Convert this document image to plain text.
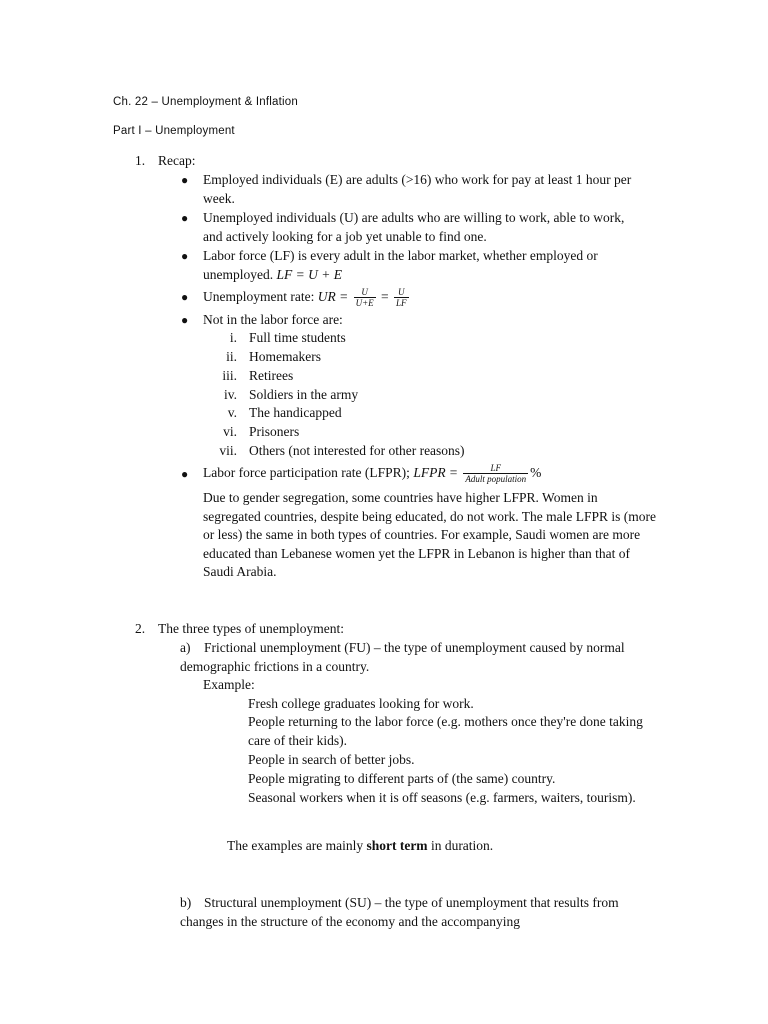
Ch. 22 – Unemployment & Inflation
Part I – Unemployment
1. Recap:
● Employed individuals (E) are adults (>16) who work for pay at least 1 hour per week.
● Unemployed individuals (U) are adults who are willing to work, able to work, and actively looking for a job yet unable to find one.
● Labor force (LF) is every adult in the labor market, whether employed or unemployed. LF = U + E
● Unemployment rate: UR = $\frac{U}{U+E} = \frac{U}{LF}$
● Not in the labor force are:
i. Full time students
ii. Homemakers
iii. Retirees
iv. Soldiers in the army
v. The handicapped
vi. Prisoners
vii. Others (not interested for other reasons)
● Labor force participation rate (LFPR); LFPR = $\frac{LF}{\text{Adult population}}$ %
Due to gender segregation, some countries have higher LFPR. Women in segregated countries, despite being educated, do not work. The male LFPR is (more or less) the same in both types of countries. For example, Saudi women are more educated than Lebanese women yet the LFPR in Lebanon is higher than that of Saudi Arabia.
2. The three types of unemployment:
a)	Frictional unemployment (FU) – the type of unemployment caused by normal demographic frictions in a country.
Example:
Fresh college graduates looking for work.
People returning to the labor force (e.g. mothers once they're done taking care of their kids).
People in search of better jobs.
People migrating to different parts of (the same) country.
Seasonal workers when it is off seasons (e.g. farmers, waiters, tourism).
The examples are mainly short term in duration.
b) Structural unemployment (SU) – the type of unemployment that results from changes in the structure of the economy and the accompanying
